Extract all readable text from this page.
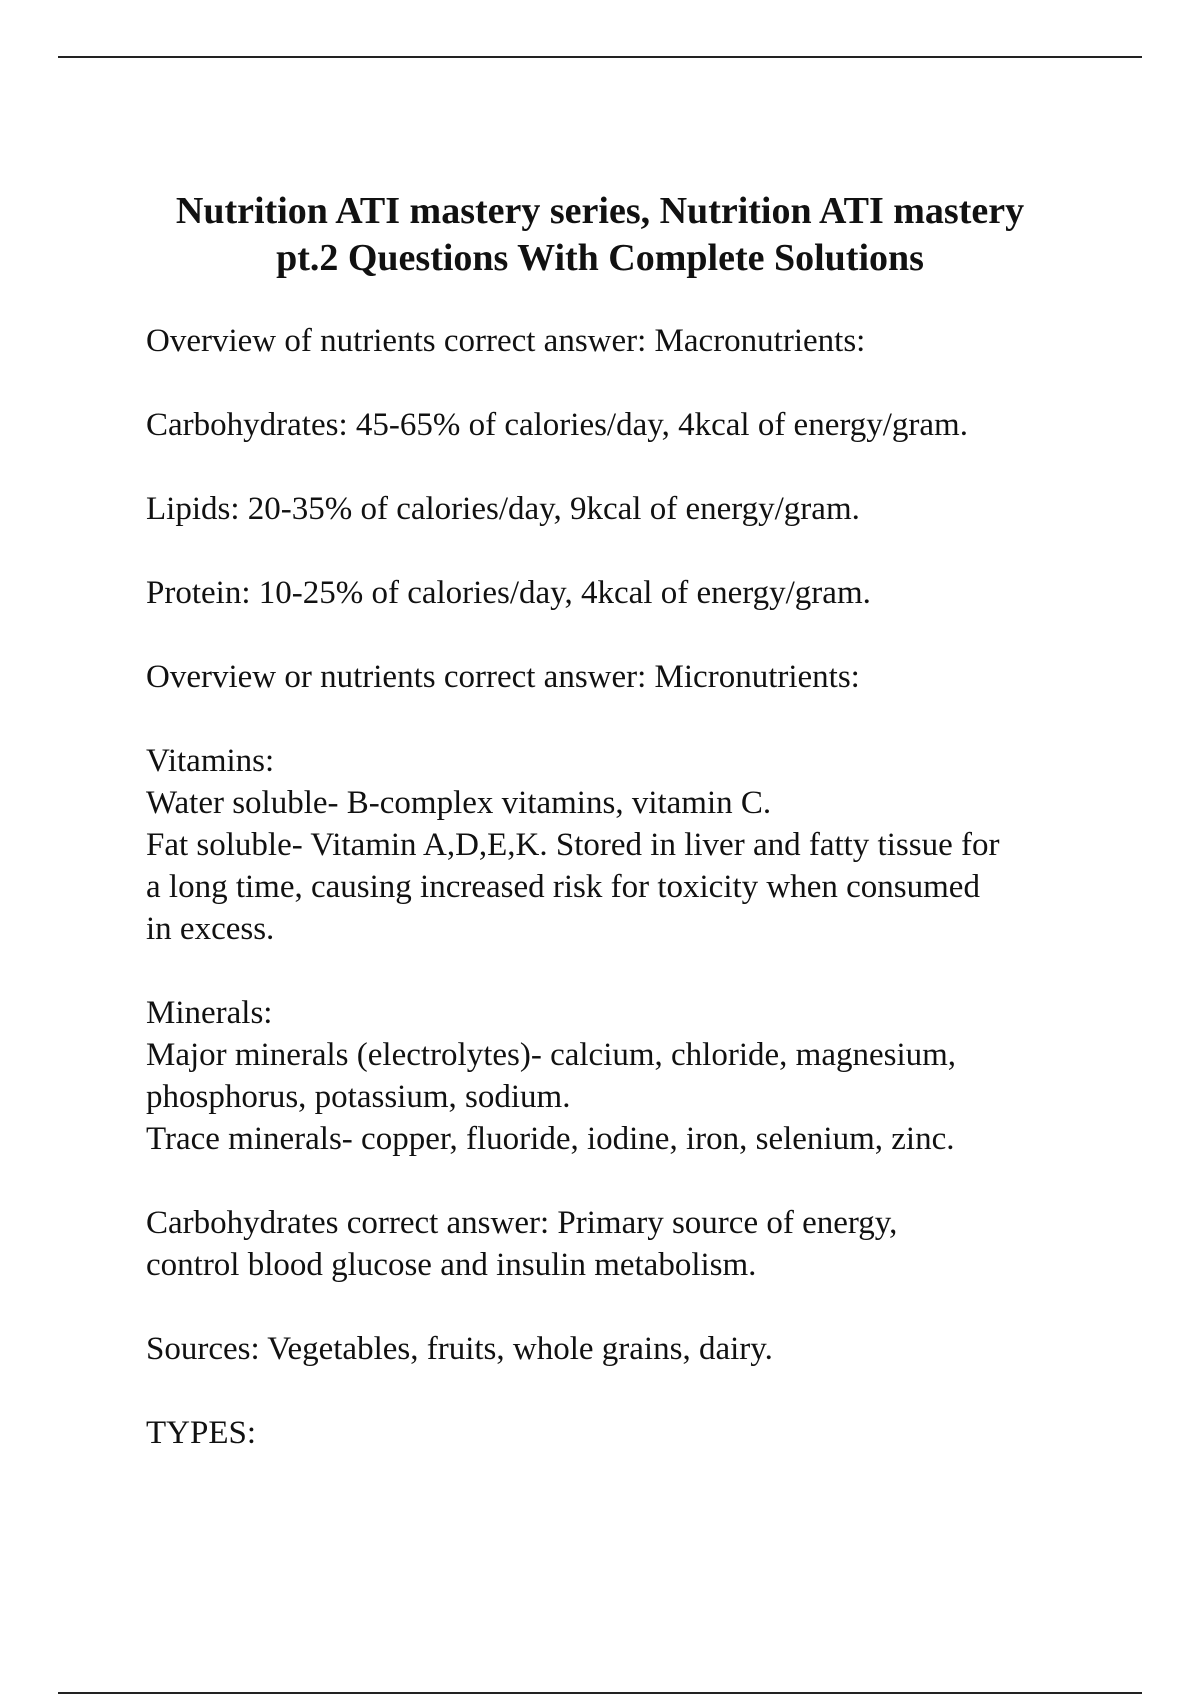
Nutrition ATI mastery series, Nutrition ATI mastery
pt.2 Questions With Complete Solutions

Overview of nutrients correct answer: Macronutrients:

Carbohydrates: 45-65% of calories/day, 4kcal of energy/gram.

Lipids: 20-35% of calories/day, 9kcal of energy/gram.

Protein: 10-25% of calories/day, 4kcal of energy/gram.

Overview or nutrients correct answer: Micronutrients:

Vitamins:
Water soluble- B-complex vitamins, vitamin C.
Fat soluble- Vitamin A,D,E,K. Stored in liver and fatty tissue for
a long time, causing increased risk for toxicity when consumed
in excess.

Minerals:
Major minerals (electrolytes)- calcium, chloride, magnesium,
phosphorus, potassium, sodium.
Trace minerals- copper, fluoride, iodine, iron, selenium, zinc.

Carbohydrates correct answer: Primary source of energy,
control blood glucose and insulin metabolism.

Sources: Vegetables, fruits, whole grains, dairy.

TYPES:
